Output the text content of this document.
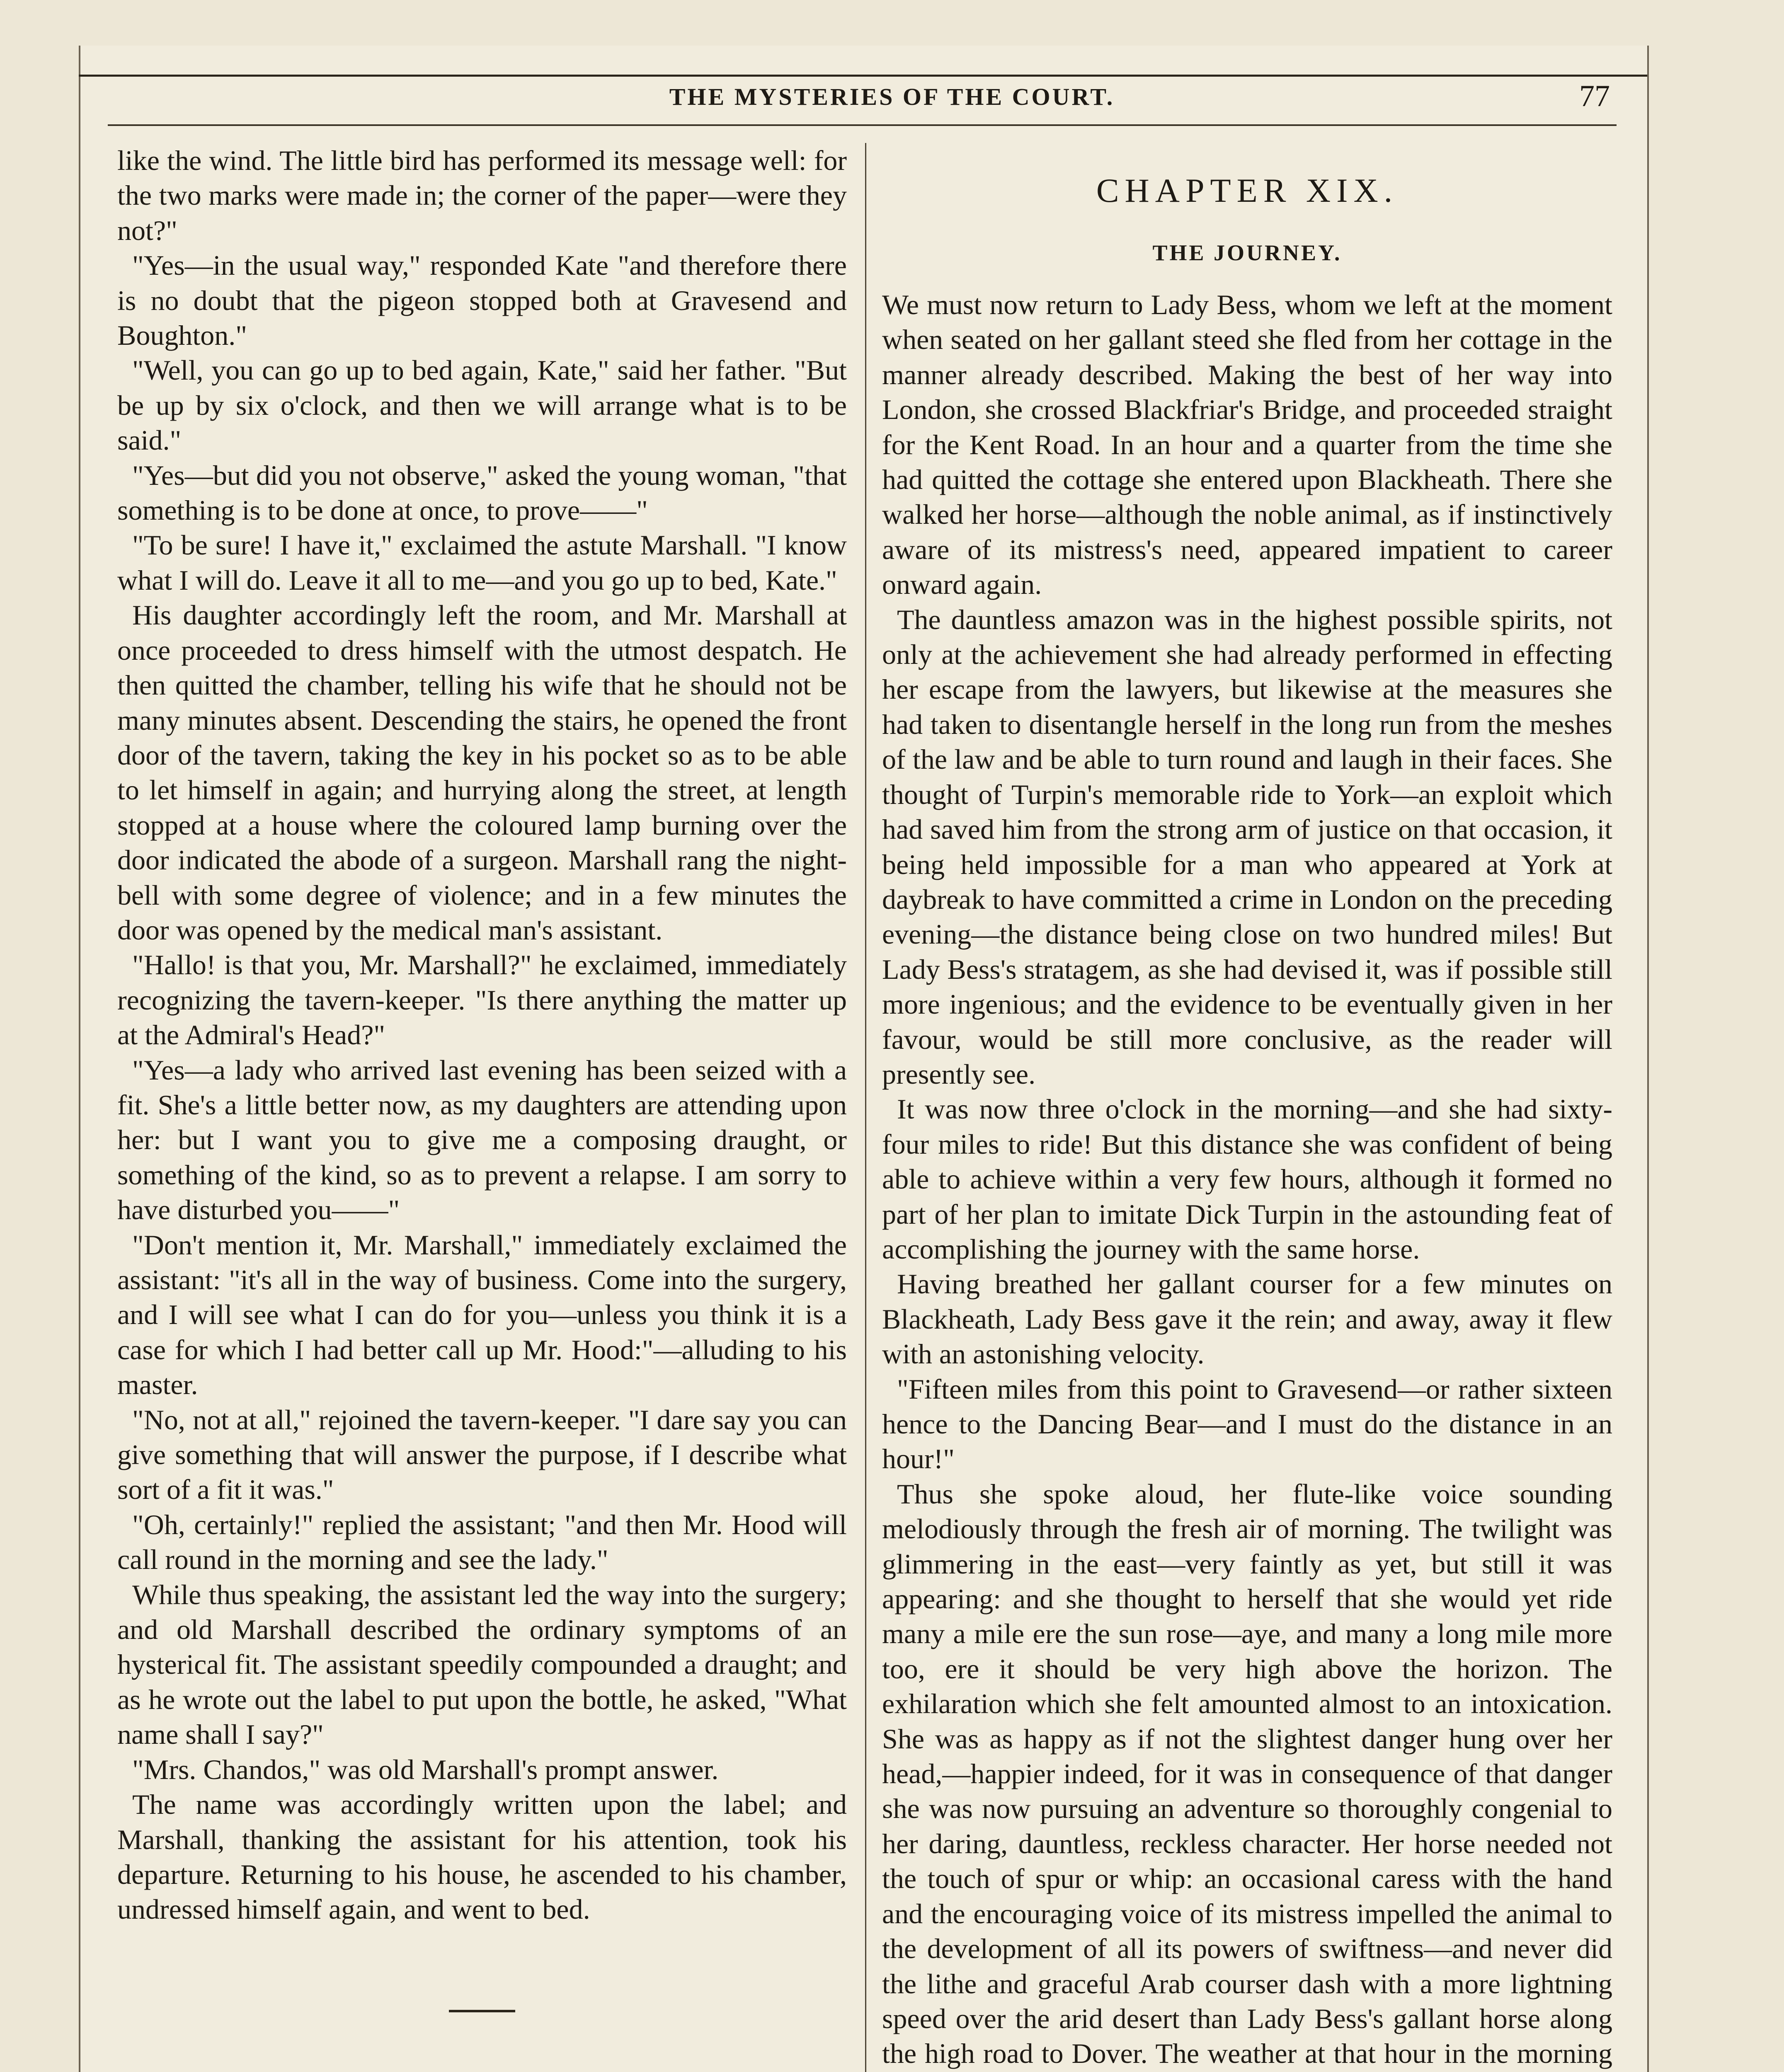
THE MYSTERIES OF THE COURT.	77

like the wind. The little bird has performed its message well: for the two marks were made in; the corner of the paper—were they not?"

"Yes—in the usual way," responded Kate "and therefore there is no doubt that the pigeon stopped both at Gravesend and Boughton."

"Well, you can go up to bed again, Kate," said her father. "But be up by six o'clock, and then we will arrange what is to be said."

"Yes—but did you not observe," asked the young woman, "that something is to be done at once, to prove——"

"To be sure! I have it," exclaimed the astute Marshall. "I know what I will do. Leave it all to me—and you go up to bed, Kate."

His daughter accordingly left the room, and Mr. Marshall at once proceeded to dress himself with the utmost despatch. He then quitted the chamber, telling his wife that he should not be many minutes absent. Descending the stairs, he opened the front door of the tavern, taking the key in his pocket so as to be able to let himself in again; and hurrying along the street, at length stopped at a house where the coloured lamp burning over the door indicated the abode of a surgeon. Marshall rang the night-bell with some degree of violence; and in a few minutes the door was opened by the medical man's assistant.

"Hallo! is that you, Mr. Marshall?" he exclaimed, immediately recognizing the tavern-keeper. "Is there anything the matter up at the Admiral's Head?"

"Yes—a lady who arrived last evening has been seized with a fit. She's a little better now, as my daughters are attending upon her: but I want you to give me a composing draught, or something of the kind, so as to prevent a relapse. I am sorry to have disturbed you——"

"Don't mention it, Mr. Marshall," immediately exclaimed the assistant: "it's all in the way of business. Come into the surgery, and I will see what I can do for you—unless you think it is a case for which I had better call up Mr. Hood:"—alluding to his master.

"No, not at all," rejoined the tavern-keeper. "I dare say you can give something that will answer the purpose, if I describe what sort of a fit it was."

"Oh, certainly!" replied the assistant; "and then Mr. Hood will call round in the morning and see the lady."

While thus speaking, the assistant led the way into the surgery; and old Marshall described the ordinary symptoms of an hysterical fit. The assistant speedily compounded a draught; and as he wrote out the label to put upon the bottle, he asked, "What name shall I say?"

"Mrs. Chandos," was old Marshall's prompt answer.

The name was accordingly written upon the label; and Marshall, thanking the assistant for his attention, took his departure. Returning to his house, he ascended to his chamber, undressed himself again, and went to bed.

CHAPTER XIX.
THE JOURNEY.

We must now return to Lady Bess, whom we left at the moment when seated on her gallant steed she fled from her cottage in the manner already described. Making the best of her way into London, she crossed Blackfriar's Bridge, and proceeded straight for the Kent Road. In an hour and a quarter from the time she had quitted the cottage she entered upon Blackheath. There she walked her horse—although the noble animal, as if instinctively aware of its mistress's need, appeared impatient to career onward again.

The dauntless amazon was in the highest possible spirits, not only at the achievement she had already performed in effecting her escape from the lawyers, but likewise at the measures she had taken to disentangle herself in the long run from the meshes of the law and be able to turn round and laugh in their faces. She thought of Turpin's memorable ride to York—an exploit which had saved him from the strong arm of justice on that occasion, it being held impossible for a man who appeared at York at daybreak to have committed a crime in London on the preceding evening—the distance being close on two hundred miles! But Lady Bess's stratagem, as she had devised it, was if possible still more ingenious; and the evidence to be eventually given in her favour, would be still more conclusive, as the reader will presently see.

It was now three o'clock in the morning—and she had sixty-four miles to ride! But this distance she was confident of being able to achieve within a very few hours, although it formed no part of her plan to imitate Dick Turpin in the astounding feat of accomplishing the journey with the same horse.

Having breathed her gallant courser for a few minutes on Blackheath, Lady Bess gave it the rein; and away, away it flew with an astonishing velocity.

"Fifteen miles from this point to Gravesend—or rather sixteen hence to the Dancing Bear—and I must do the distance in an hour!"

Thus she spoke aloud, her flute-like voice sounding melodiously through the fresh air of morning. The twilight was glimmering in the east—very faintly as yet, but still it was appearing: and she thought to herself that she would yet ride many a mile ere the sun rose—aye, and many a long mile more too, ere it should be very high above the horizon. The exhilaration which she felt amounted almost to an intoxication. She was as happy as if not the slightest danger hung over her head,—happier indeed, for it was in consequence of that danger she was now pursuing an adventure so thoroughly congenial to her daring, dauntless, reckless character. Her horse needed not the touch of spur or whip: an occasional caress with the hand and the encouraging voice of its mistress impelled the animal to the development of all its powers of swiftness—and never did the lithe and graceful Arab courser dash with a more lightning speed over the arid desert than Lady Bess's gallant horse along the high road to Dover. The weather at that hour in the morning
